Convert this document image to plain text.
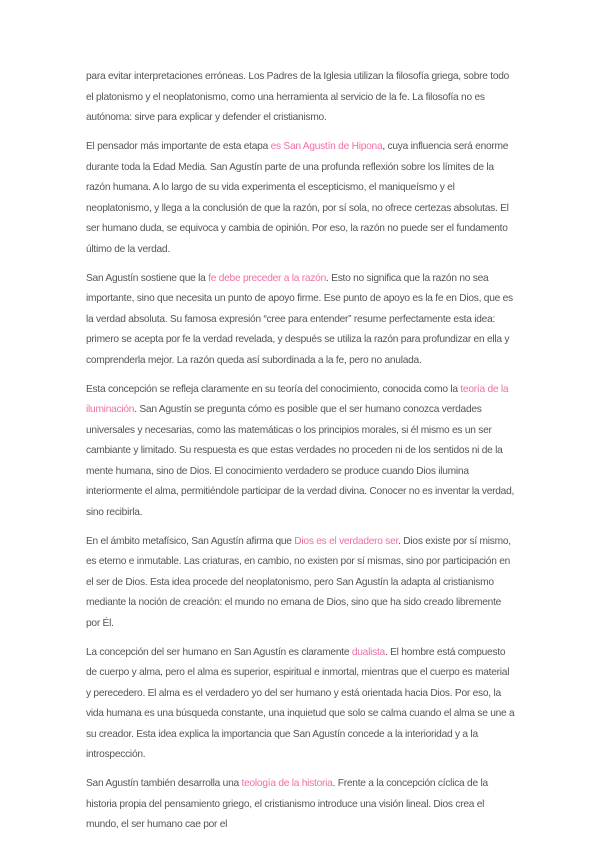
para evitar interpretaciones erróneas. Los Padres de la Iglesia utilizan la filosofía griega, sobre todo el platonismo y el neoplatonismo, como una herramienta al servicio de la fe. La filosofía no es autónoma: sirve para explicar y defender el cristianismo.

El pensador más importante de esta etapa es San Agustín de Hipona, cuya influencia será enorme durante toda la Edad Media. San Agustín parte de una profunda reflexión sobre los límites de la razón humana. A lo largo de su vida experimenta el escepticismo, el maniqueísmo y el neoplatonismo, y llega a la conclusión de que la razón, por sí sola, no ofrece certezas absolutas. El ser humano duda, se equivoca y cambia de opinión. Por eso, la razón no puede ser el fundamento último de la verdad.

San Agustín sostiene que la fe debe preceder a la razón. Esto no significa que la razón no sea importante, sino que necesita un punto de apoyo firme. Ese punto de apoyo es la fe en Dios, que es la verdad absoluta. Su famosa expresión “cree para entender” resume perfectamente esta idea: primero se acepta por fe la verdad revelada, y después se utiliza la razón para profundizar en ella y comprenderla mejor. La razón queda así subordinada a la fe, pero no anulada.

Esta concepción se refleja claramente en su teoría del conocimiento, conocida como la teoría de la iluminación. San Agustín se pregunta cómo es posible que el ser humano conozca verdades universales y necesarias, como las matemáticas o los principios morales, si él mismo es un ser cambiante y limitado. Su respuesta es que estas verdades no proceden ni de los sentidos ni de la mente humana, sino de Dios. El conocimiento verdadero se produce cuando Dios ilumina interiormente el alma, permitiéndole participar de la verdad divina. Conocer no es inventar la verdad, sino recibirla.

En el ámbito metafísico, San Agustín afirma que Dios es el verdadero ser. Dios existe por sí mismo, es eterno e inmutable. Las criaturas, en cambio, no existen por sí mismas, sino por participación en el ser de Dios. Esta idea procede del neoplatonismo, pero San Agustín la adapta al cristianismo mediante la noción de creación: el mundo no emana de Dios, sino que ha sido creado libremente por Él.

La concepción del ser humano en San Agustín es claramente dualista. El hombre está compuesto de cuerpo y alma, pero el alma es superior, espiritual e inmortal, mientras que el cuerpo es material y perecedero. El alma es el verdadero yo del ser humano y está orientada hacia Dios. Por eso, la vida humana es una búsqueda constante, una inquietud que solo se calma cuando el alma se une a su creador. Esta idea explica la importancia que San Agustín concede a la interioridad y a la introspección.

San Agustín también desarrolla una teología de la historia. Frente a la concepción cíclica de la historia propia del pensamiento griego, el cristianismo introduce una visión lineal. Dios crea el mundo, el ser humano cae por el
